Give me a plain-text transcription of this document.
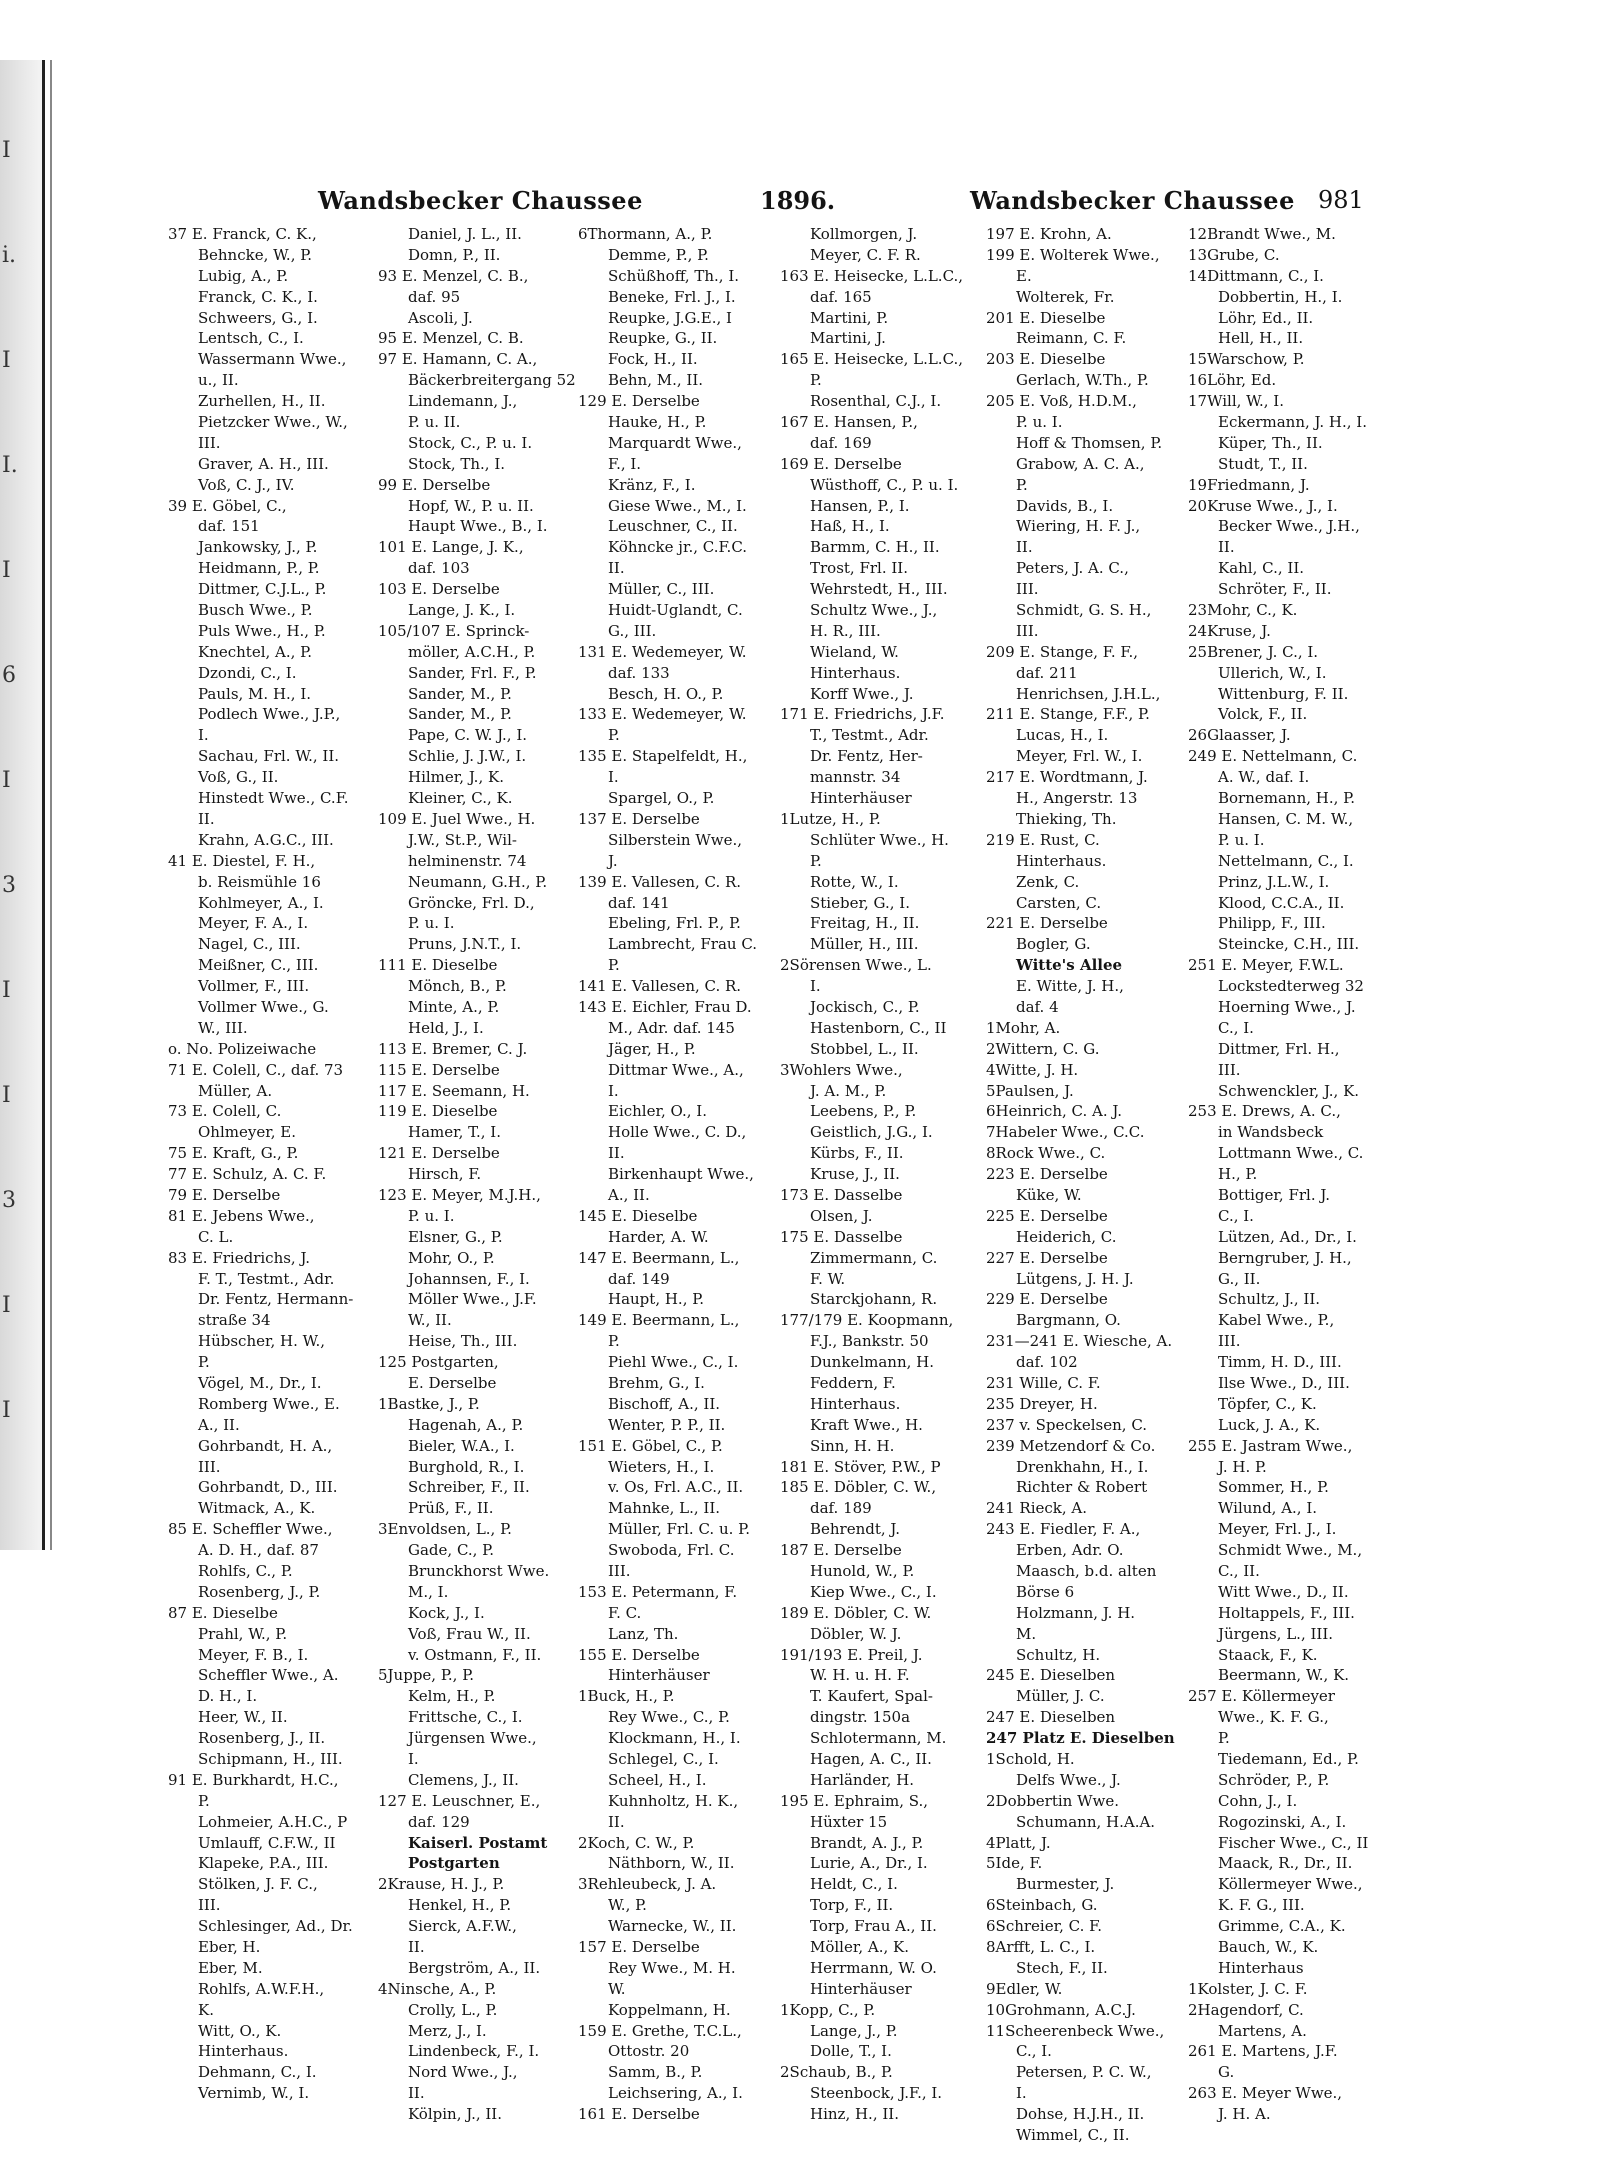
I
i.
I
I.
I
6
I
3
I
I
3
I
I
Wandsbecker Chaussee	1896.	Wandsbecker Chaussee 981
37 E. Franck, C. K.,
Behncke, W., P.
Lubig, A., P.
Franck, C. K., I.
Schweers, G., I.
Lentsch, C., I.
Wassermann Wwe.,
u., II.
Zurhellen, H., II.
Pietzcker Wwe., W.,
III.
Graver, A. H., III.
Voß, C. J., IV.
39 E. Göbel, C.,
daf. 151
Jankowsky, J., P.
Heidmann, P., P.
Dittmer, C.J.L., P.
Busch Wwe., P.
Puls Wwe., H., P.
Knechtel, A., P.
Dzondi, C., I.
Pauls, M. H., I.
Podlech Wwe., J.P.,
I.
Sachau, Frl. W., II.
Voß, G., II.
Hinstedt Wwe., C.F.
II.
Krahn, A.G.C., III.
41 E. Diestel, F. H.,
b. Reismühle 16
Kohlmeyer, A., I.
Meyer, F. A., I.
Nagel, C., III.
Meißner, C., III.
Vollmer, F., III.
Vollmer Wwe., G.
W., III.
o. No. Polizeiwache
71 E. Colell, C., daf. 73
Müller, A.
73 E. Colell, C.
Ohlmeyer, E.
75 E. Kraft, G., P.
77 E. Schulz, A. C. F.
79 E. Derselbe
81 E. Jebens Wwe.,
C. L.
83 E. Friedrichs, J.
F. T., Testmt., Adr.
Dr. Fentz, Hermann-
straße 34
Hübscher, H. W.,
P.
Vögel, M., Dr., I.
Romberg Wwe., E.
A., II.
Gohrbandt, H. A.,
III.
Gohrbandt, D., III.
Witmack, A., K.
85 E. Scheffler Wwe.,
A. D. H., daf. 87
Rohlfs, C., P.
Rosenberg, J., P.
87 E. Dieselbe
Prahl, W., P.
Meyer, F. B., I.
Scheffler Wwe., A.
D. H., I.
Heer, W., II.
Rosenberg, J., II.
Schipmann, H., III.
91 E. Burkhardt, H.C.,
P.
Lohmeier, A.H.C., P
Umlauff, C.F.W., II
Klapeke, P.A., III.
Stölken, J. F. C.,
III.
Schlesinger, Ad., Dr.
Eber, H.
Eber, M.
Rohlfs, A.W.F.H.,
K.
Witt, O., K.
Hinterhaus.
Dehmann, C., I.
Vernimb, W., I.
Daniel, J. L., II.
Domn, P., II.
93 E. Menzel, C. B.,
daf. 95
Ascoli, J.
95 E. Menzel, C. B.
97 E. Hamann, C. A.,
Bäckerbreitergang 52
Lindemann, J.,
P. u. II.
Stock, C., P. u. I.
Stock, Th., I.
99 E. Derselbe
Hopf, W., P. u. II.
Haupt Wwe., B., I.
101 E. Lange, J. K.,
daf. 103
103 E. Derselbe
Lange, J. K., I.
105/107 E. Sprinck-
möller, A.C.H., P.
Sander, Frl. F., P.
Sander, M., P.
Sander, M., P.
Pape, C. W. J., I.
Schlie, J. J.W., I.
Hilmer, J., K.
Kleiner, C., K.
109 E. Juel Wwe., H.
J.W., St.P., Wil-
helminenstr. 74
Neumann, G.H., P.
Gröncke, Frl. D.,
P. u. I.
Pruns, J.N.T., I.
111 E. Dieselbe
Mönch, B., P.
Minte, A., P.
Held, J., I.
113 E. Bremer, C. J.
115 E. Derselbe
117 E. Seemann, H.
119 E. Dieselbe
Hamer, T., I.
121 E. Derselbe
Hirsch, F.
123 E. Meyer, M.J.H.,
P. u. I.
Elsner, G., P.
Mohr, O., P.
Johannsen, F., I.
Möller Wwe., J.F.
W., II.
Heise, Th., III.
125 Postgarten,
E. Derselbe
1Bastke, J., P.
Hagenah, A., P.
Bieler, W.A., I.
Burghold, R., I.
Schreiber, F., II.
Prüß, F., II.
3Envoldsen, L., P.
Gade, C., P.
Brunckhorst Wwe.
M., I.
Kock, J., I.
Voß, Frau W., II.
v. Ostmann, F., II.
5Juppe, P., P.
Kelm, H., P.
Frittsche, C., I.
Jürgensen Wwe.,
I.
Clemens, J., II.
127 E. Leuschner, E.,
daf. 129
Kaiserl. Postamt
Postgarten
2Krause, H. J., P.
Henkel, H., P.
Sierck, A.F.W.,
II.
Bergström, A., II.
4Ninsche, A., P.
Crolly, L., P.
Merz, J., I.
Lindenbeck, F., I.
Nord Wwe., J.,
II.
Kölpin, J., II.
6Thormann, A., P.
Demme, P., P.
Schüßhoff, Th., I.
Beneke, Frl. J., I.
Reupke, J.G.E., I
Reupke, G., II.
Fock, H., II.
Behn, M., II.
129 E. Derselbe
Hauke, H., P.
Marquardt Wwe.,
F., I.
Kränz, F., I.
Giese Wwe., M., I.
Leuschner, C., II.
Köhncke jr., C.F.C.
II.
Müller, C., III.
Huidt-Uglandt, C.
G., III.
131 E. Wedemeyer, W.
daf. 133
Besch, H. O., P.
133 E. Wedemeyer, W.
P.
135 E. Stapelfeldt, H.,
I.
Spargel, O., P.
137 E. Derselbe
Silberstein Wwe.,
J.
139 E. Vallesen, C. R.
daf. 141
Ebeling, Frl. P., P.
Lambrecht, Frau C.
P.
141 E. Vallesen, C. R.
143 E. Eichler, Frau D.
M., Adr. daf. 145
Jäger, H., P.
Dittmar Wwe., A.,
I.
Eichler, O., I.
Holle Wwe., C. D.,
II.
Birkenhaupt Wwe.,
A., II.
145 E. Dieselbe
Harder, A. W.
147 E. Beermann, L.,
daf. 149
Haupt, H., P.
149 E. Beermann, L.,
P.
Piehl Wwe., C., I.
Brehm, G., I.
Bischoff, A., II.
Wenter, P. P., II.
151 E. Göbel, C., P.
Wieters, H., I.
v. Os, Frl. A.C., II.
Mahnke, L., II.
Müller, Frl. C. u. P.
Swoboda, Frl. C.
III.
153 E. Petermann, F.
F. C.
Lanz, Th.
155 E. Derselbe
Hinterhäuser
1Buck, H., P.
Rey Wwe., C., P.
Klockmann, H., I.
Schlegel, C., I.
Scheel, H., I.
Kuhnholtz, H. K.,
II.
2Koch, C. W., P.
Näthborn, W., II.
3Rehleubeck, J. A.
W., P.
Warnecke, W., II.
157 E. Derselbe
Rey Wwe., M. H.
W.
Koppelmann, H.
159 E. Grethe, T.C.L.,
Ottostr. 20
Samm, B., P.
Leichsering, A., I.
161 E. Derselbe
Kollmorgen, J.
Meyer, C. F. R.
163 E. Heisecke, L.L.C.,
daf. 165
Martini, P.
Martini, J.
165 E. Heisecke, L.L.C.,
P.
Rosenthal, C.J., I.
167 E. Hansen, P.,
daf. 169
169 E. Derselbe
Wüsthoff, C., P. u. I.
Hansen, P., I.
Haß, H., I.
Barmm, C. H., II.
Trost, Frl. II.
Wehrstedt, H., III.
Schultz Wwe., J.,
H. R., III.
Wieland, W.
Hinterhaus.
Korff Wwe., J.
171 E. Friedrichs, J.F.
T., Testmt., Adr.
Dr. Fentz, Her-
mannstr. 34
Hinterhäuser
1Lutze, H., P.
Schlüter Wwe., H.
P.
Rotte, W., I.
Stieber, G., I.
Freitag, H., II.
Müller, H., III.
2Sörensen Wwe., L.
I.
Jockisch, C., P.
Hastenborn, C., II
Stobbel, L., II.
3Wohlers Wwe.,
J. A. M., P.
Leebens, P., P.
Geistlich, J.G., I.
Kürbs, F., II.
Kruse, J., II.
173 E. Dasselbe
Olsen, J.
175 E. Dasselbe
Zimmermann, C.
F. W.
Starckjohann, R.
177/179 E. Koopmann,
F.J., Bankstr. 50
Dunkelmann, H.
Feddern, F.
Hinterhaus.
Kraft Wwe., H.
Sinn, H. H.
181 E. Stöver, P.W., P
185 E. Döbler, C. W.,
daf. 189
Behrendt, J.
187 E. Derselbe
Hunold, W., P.
Kiep Wwe., C., I.
189 E. Döbler, C. W.
Döbler, W. J.
191/193 E. Preil, J.
W. H. u. H. F.
T. Kaufert, Spal-
dingstr. 150a
Schlotermann, M.
Hagen, A. C., II.
Harländer, H.
195 E. Ephraim, S.,
Hüxter 15
Brandt, A. J., P.
Lurie, A., Dr., I.
Heldt, C., I.
Torp, F., II.
Torp, Frau A., II.
Möller, A., K.
Herrmann, W. O.
Hinterhäuser
1Kopp, C., P.
Lange, J., P.
Dolle, T., I.
2Schaub, B., P.
Steenbock, J.F., I.
Hinz, H., II.
197 E. Krohn, A.
199 E. Wolterek Wwe.,
E.
Wolterek, Fr.
201 E. Dieselbe
Reimann, C. F.
203 E. Dieselbe
Gerlach, W.Th., P.
205 E. Voß, H.D.M.,
P. u. I.
Hoff & Thomsen, P.
Grabow, A. C. A.,
P.
Davids, B., I.
Wiering, H. F. J.,
II.
Peters, J. A. C.,
III.
Schmidt, G. S. H.,
III.
209 E. Stange, F. F.,
daf. 211
Henrichsen, J.H.L.,
211 E. Stange, F.F., P.
Lucas, H., I.
Meyer, Frl. W., I.
217 E. Wordtmann, J.
H., Angerstr. 13
Thieking, Th.
219 E. Rust, C.
Hinterhaus.
Zenk, C.
Carsten, C.
221 E. Derselbe
Bogler, G.
Witte's Allee
E. Witte, J. H.,
daf. 4
1Mohr, A.
2Wittern, C. G.
4Witte, J. H.
5Paulsen, J.
6Heinrich, C. A. J.
7Habeler Wwe., C.C.
8Rock Wwe., C.
223 E. Derselbe
Küke, W.
225 E. Derselbe
Heiderich, C.
227 E. Derselbe
Lütgens, J. H. J.
229 E. Derselbe
Bargmann, O.
231—241 E. Wiesche, A.
daf. 102
231 Wille, C. F.
235 Dreyer, H.
237 v. Speckelsen, C.
239 Metzendorf & Co.
Drenkhahn, H., I.
Richter & Robert
241 Rieck, A.
243 E. Fiedler, F. A.,
Erben, Adr. O.
Maasch, b.d. alten
Börse 6
Holzmann, J. H.
M.
Schultz, H.
245 E. Dieselben
Müller, J. C.
247 E. Dieselben
247 Platz E. Dieselben
1Schold, H.
Delfs Wwe., J.
2Dobbertin Wwe.
Schumann, H.A.A.
4Platt, J.
5Ide, F.
Burmester, J.
6Steinbach, G.
6Schreier, C. F.
8Arfft, L. C., I.
Stech, F., II.
9Edler, W.
10Grohmann, A.C.J.
11Scheerenbeck Wwe.,
C., I.
Petersen, P. C. W.,
I.
Dohse, H.J.H., II.
Wimmel, C., II.
12Brandt Wwe., M.
13Grube, C.
14Dittmann, C., I.
Dobbertin, H., I.
Löhr, Ed., II.
Hell, H., II.
15Warschow, P.
16Löhr, Ed.
17Will, W., I.
Eckermann, J. H., I.
Küper, Th., II.
Studt, T., II.
19Friedmann, J.
20Kruse Wwe., J., I.
Becker Wwe., J.H.,
II.
Kahl, C., II.
Schröter, F., II.
23Mohr, C., K.
24Kruse, J.
25Brener, J. C., I.
Ullerich, W., I.
Wittenburg, F. II.
Volck, F., II.
26Glaasser, J.
249 E. Nettelmann, C.
A. W., daf. I.
Bornemann, H., P.
Hansen, C. M. W.,
P. u. I.
Nettelmann, C., I.
Prinz, J.L.W., I.
Klood, C.C.A., II.
Philipp, F., III.
Steincke, C.H., III.
251 E. Meyer, F.W.L.
Lockstedterweg 32
Hoerning Wwe., J.
C., I.
Dittmer, Frl. H.,
III.
Schwenckler, J., K.
253 E. Drews, A. C.,
in Wandsbeck
Lottmann Wwe., C.
H., P.
Bottiger, Frl. J.
C., I.
Lützen, Ad., Dr., I.
Berngruber, J. H.,
G., II.
Schultz, J., II.
Kabel Wwe., P.,
III.
Timm, H. D., III.
Ilse Wwe., D., III.
Töpfer, C., K.
Luck, J. A., K.
255 E. Jastram Wwe.,
J. H. P.
Sommer, H., P.
Wilund, A., I.
Meyer, Frl. J., I.
Schmidt Wwe., M.,
C., II.
Witt Wwe., D., II.
Holtappels, F., III.
Jürgens, L., III.
Staack, F., K.
Beermann, W., K.
257 E. Köllermeyer
Wwe., K. F. G.,
P.
Tiedemann, Ed., P.
Schröder, P., P.
Cohn, J., I.
Rogozinski, A., I.
Fischer Wwe., C., II
Maack, R., Dr., II.
Köllermeyer Wwe.,
K. F. G., III.
Grimme, C.A., K.
Bauch, W., K.
Hinterhaus
1Kolster, J. C. F.
2Hagendorf, C.
Martens, A.
261 E. Martens, J.F.
G.
263 E. Meyer Wwe.,
J. H. A.
